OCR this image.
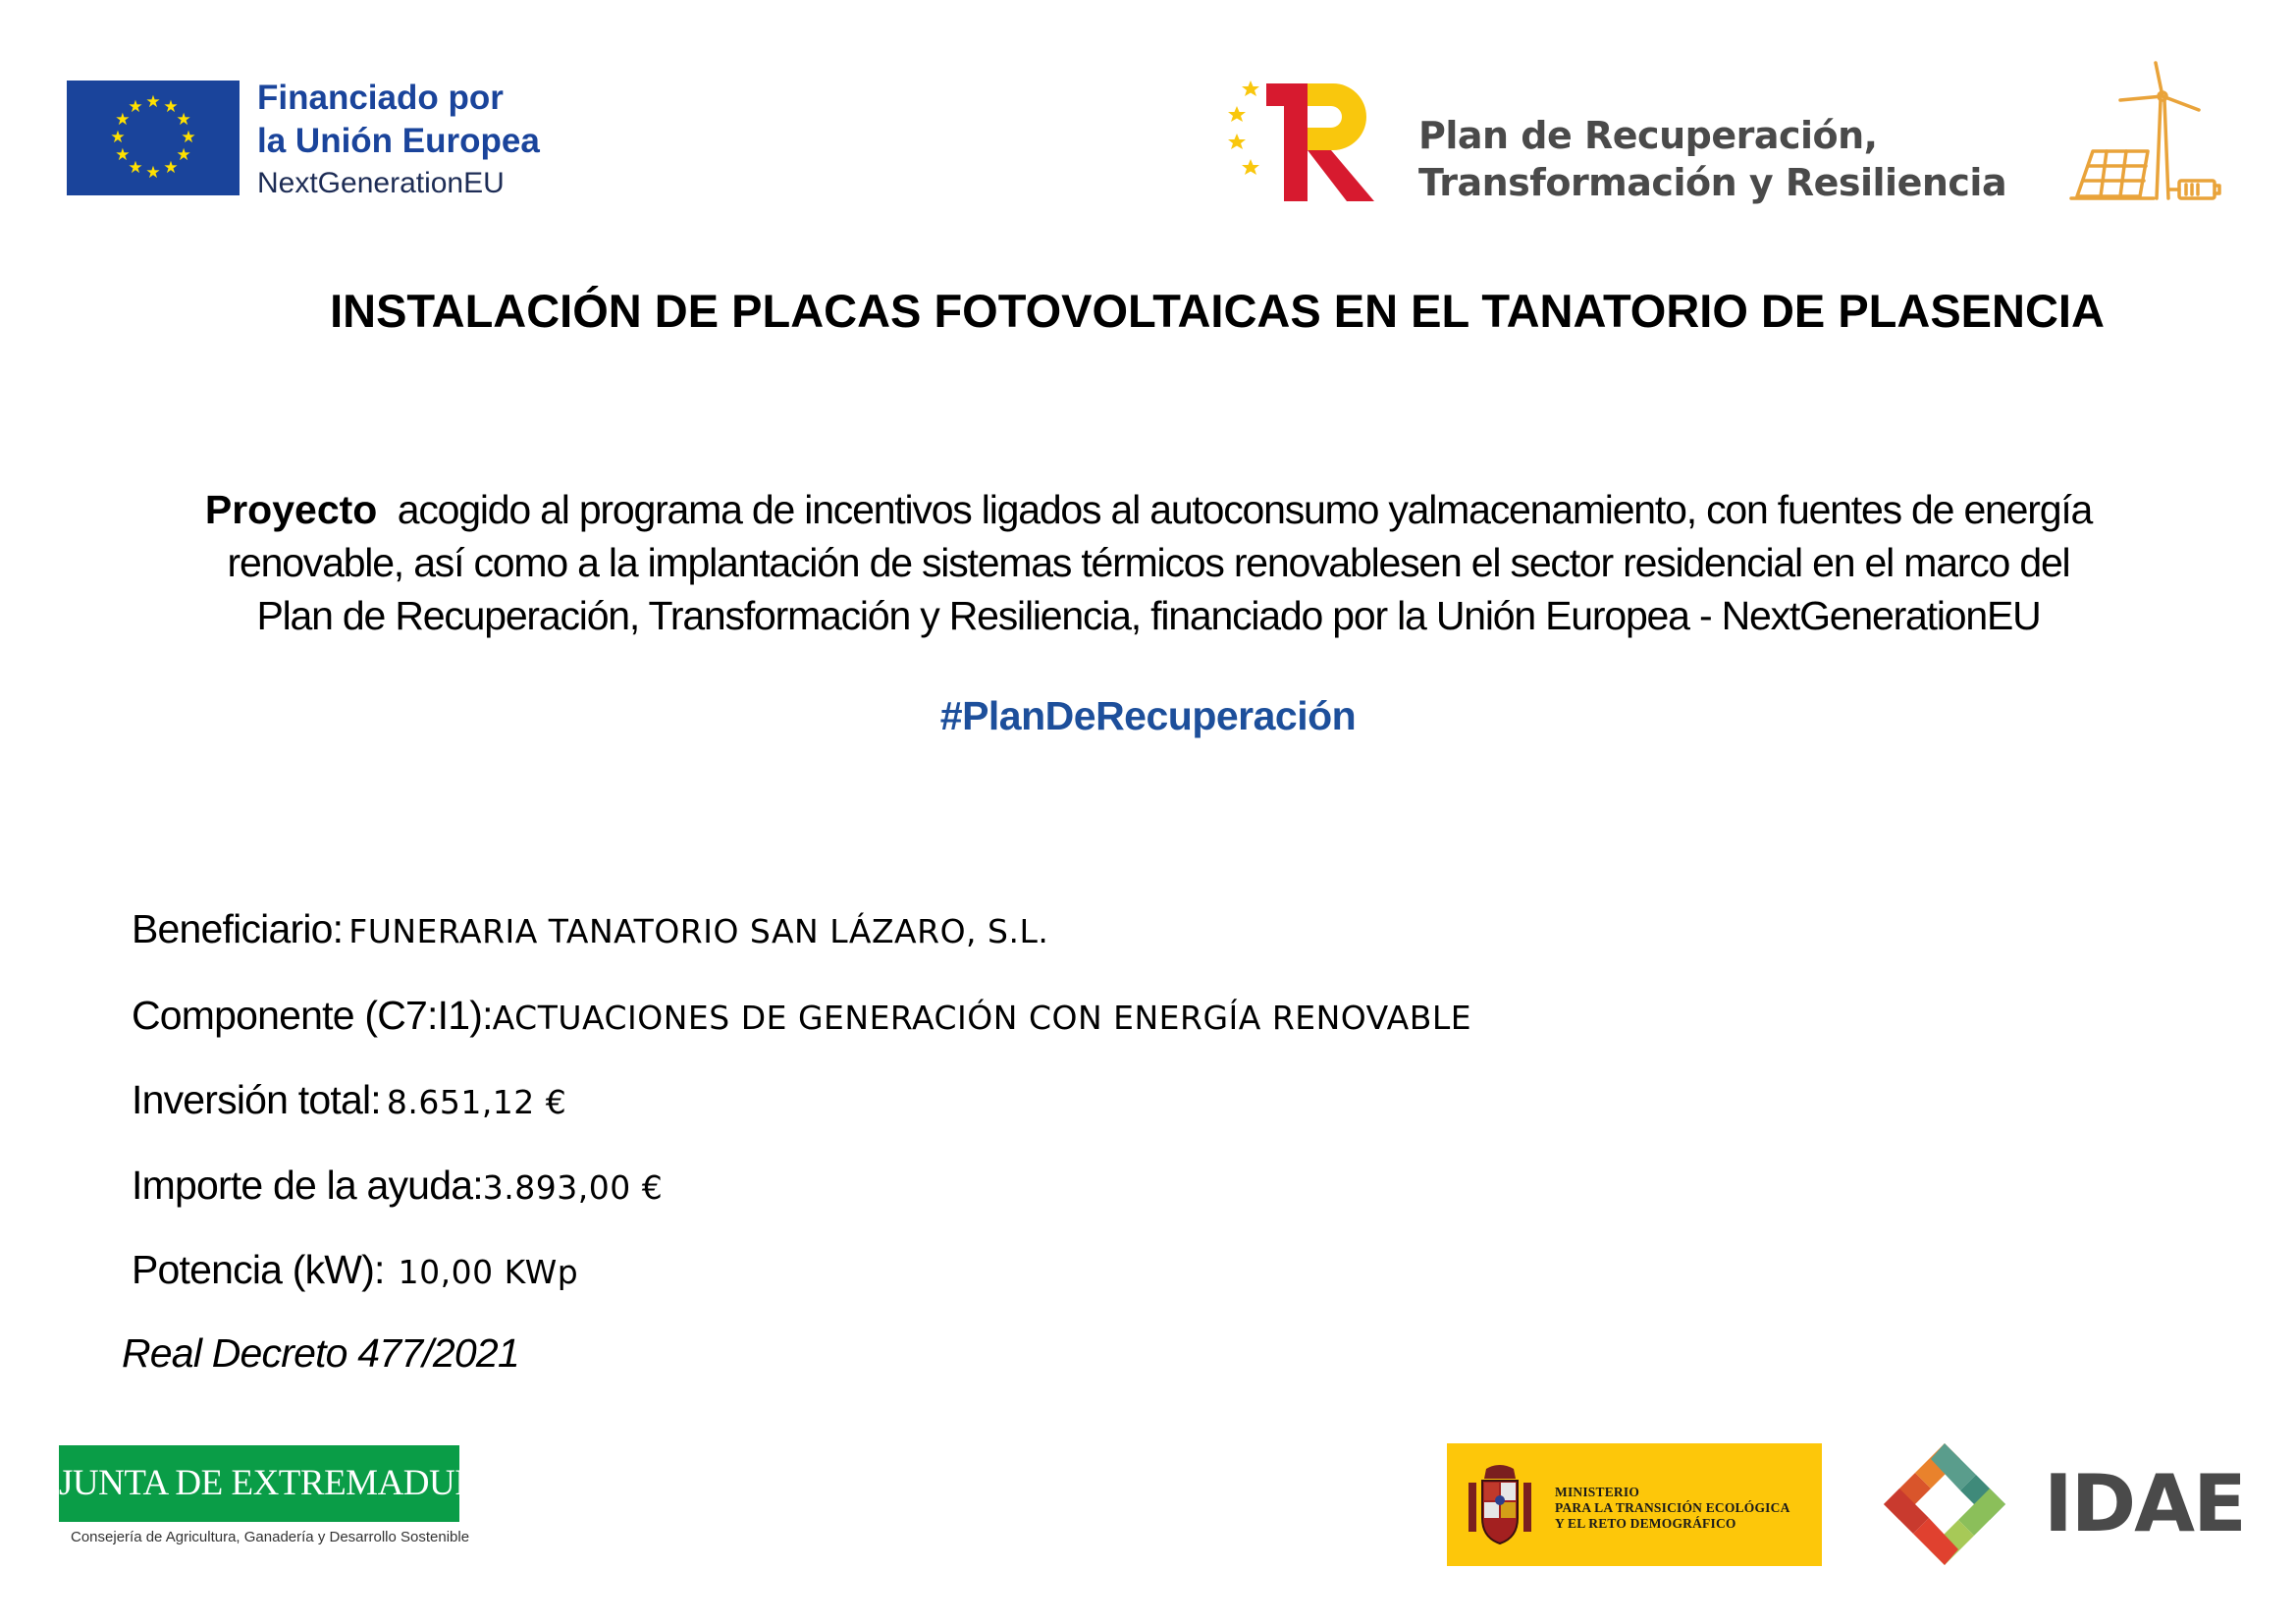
★ ★
★
★
★
★
★
★
★
★
★
★	Financiado por
la Unión Europea
NextGenerationEU
Plan de Recuperación,
Transformación y Resiliencia
INSTALACIÓN DE PLACAS FOTOVOLTAICAS EN EL TANATORIO DE PLASENCIA
Proyecto  acogido al programa de incentivos ligados al autoconsumo yalmacenamiento, con fuentes de energía
renovable, así como a la implantación de sistemas térmicos renovablesen el sector residencial en el marco del
Plan de Recuperación, Transformación y Resiliencia, financiado por la Unión Europea - NextGenerationEU
#PlanDeRecuperación
Beneficiario: FUNERARIA TANATORIO SAN LÁZARO, S.L.
Componente (C7:I1):ACTUACIONES DE GENERACIÓN CON ENERGÍA RENOVABLE
Inversión total: 8.651,12 €
Importe de la ayuda:3.893,00 €
Potencia (kW): 10,00 KWp
Real Decreto 477/2021
JUNTA DE EXTREMADURA
Consejería de Agricultura, Ganadería y Desarrollo Sostenible
MINISTERIO
PARA LA TRANSICIÓN ECOLÓGICA
Y EL RETO DEMOGRÁFICO	IDAE
